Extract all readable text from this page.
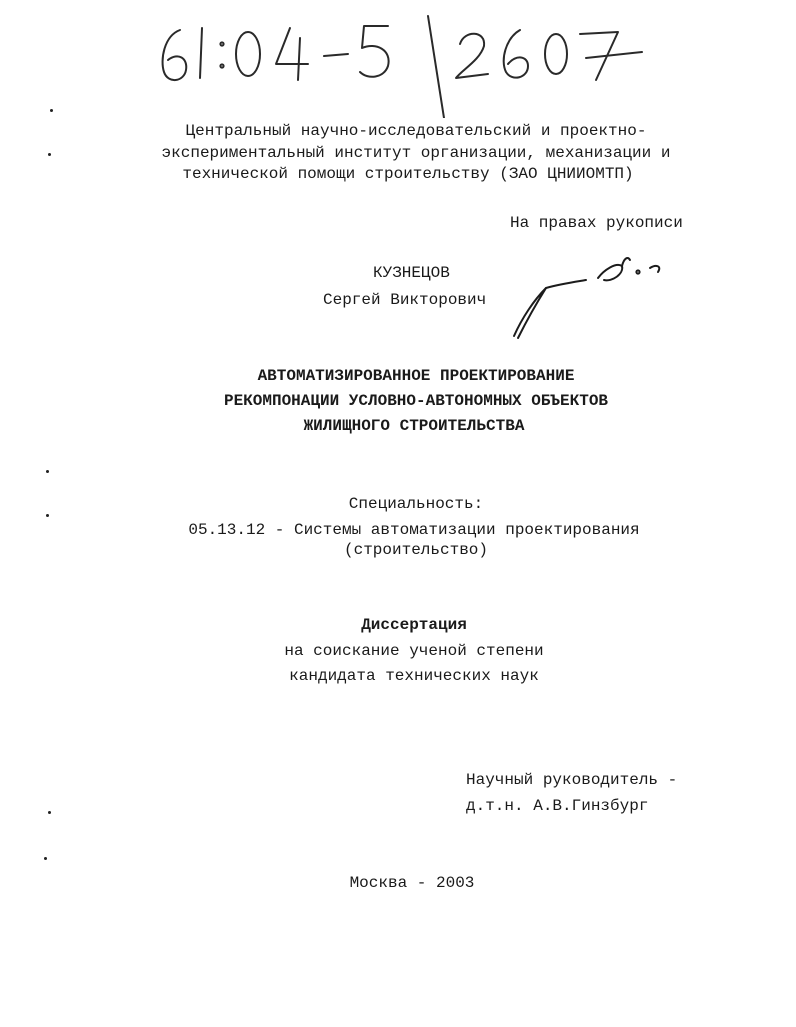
Центральный научно-исследовательский и проектно-
экспериментальный институт организации, механизации и
технической помощи строительству (ЗАО ЦНИИОМТП)
На правах рукописи
КУЗНЕЦОВ
Сергей Викторович
АВТОМАТИЗИРОВАННОЕ ПРОЕКТИРОВАНИЕ
РЕКОМПОНАЦИИ УСЛОВНО-АВТОНОМНЫХ ОБЪЕКТОВ
ЖИЛИЩНОГО СТРОИТЕЛЬСТВА
Специальность:
05.13.12 - Системы автоматизации проектирования
(строительство)
Диссертация
на соискание ученой степени
кандидата технических наук
Научный руководитель -
д.т.н. А.В.Гинзбург
Москва - 2003
